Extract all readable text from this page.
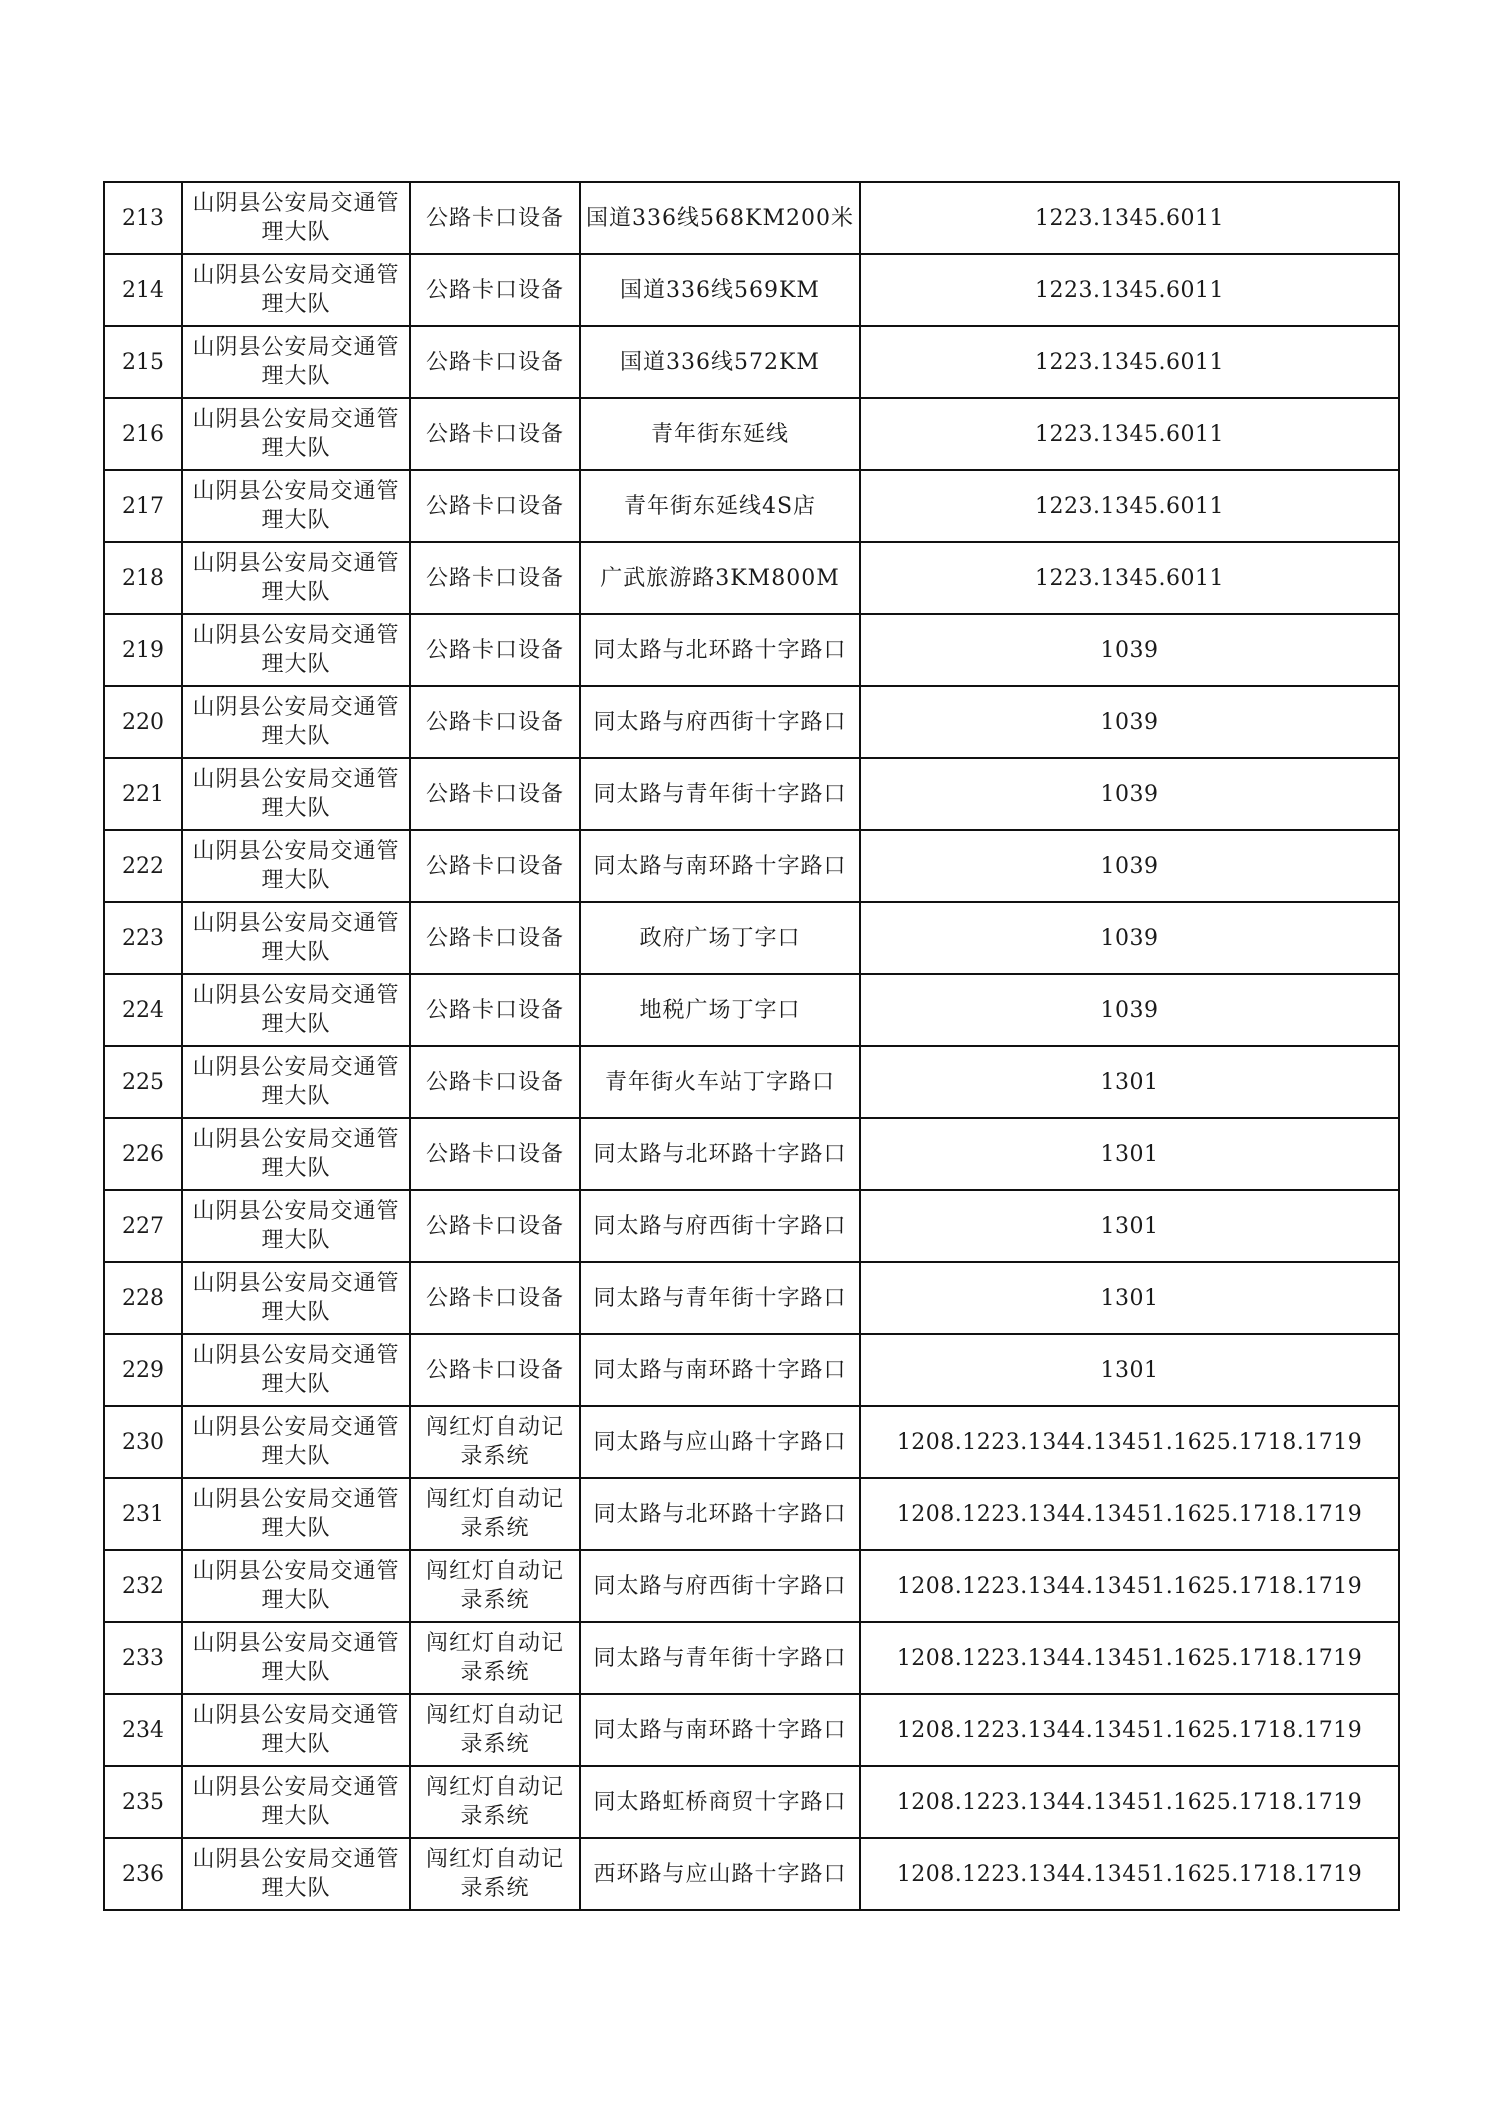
213	山阴县公安局交通管理大队	公路卡口设备	国道336线568KM200米	1223.1345.6011
214	山阴县公安局交通管理大队	公路卡口设备	国道336线569KM	1223.1345.6011
215	山阴县公安局交通管理大队	公路卡口设备	国道336线572KM	1223.1345.6011
216	山阴县公安局交通管理大队	公路卡口设备	青年街东延线	1223.1345.6011
217	山阴县公安局交通管理大队	公路卡口设备	青年街东延线4S店	1223.1345.6011
218	山阴县公安局交通管理大队	公路卡口设备	广武旅游路3KM800M	1223.1345.6011
219	山阴县公安局交通管理大队	公路卡口设备	同太路与北环路十字路口	1039
220	山阴县公安局交通管理大队	公路卡口设备	同太路与府西街十字路口	1039
221	山阴县公安局交通管理大队	公路卡口设备	同太路与青年街十字路口	1039
222	山阴县公安局交通管理大队	公路卡口设备	同太路与南环路十字路口	1039
223	山阴县公安局交通管理大队	公路卡口设备	政府广场丁字口	1039
224	山阴县公安局交通管理大队	公路卡口设备	地税广场丁字口	1039
225	山阴县公安局交通管理大队	公路卡口设备	青年街火车站丁字路口	1301
226	山阴县公安局交通管理大队	公路卡口设备	同太路与北环路十字路口	1301
227	山阴县公安局交通管理大队	公路卡口设备	同太路与府西街十字路口	1301
228	山阴县公安局交通管理大队	公路卡口设备	同太路与青年街十字路口	1301
229	山阴县公安局交通管理大队	公路卡口设备	同太路与南环路十字路口	1301
230	山阴县公安局交通管理大队	闯红灯自动记录系统	同太路与应山路十字路口	1208.1223.1344.13451.1625.1718.1719
231	山阴县公安局交通管理大队	闯红灯自动记录系统	同太路与北环路十字路口	1208.1223.1344.13451.1625.1718.1719
232	山阴县公安局交通管理大队	闯红灯自动记录系统	同太路与府西街十字路口	1208.1223.1344.13451.1625.1718.1719
233	山阴县公安局交通管理大队	闯红灯自动记录系统	同太路与青年街十字路口	1208.1223.1344.13451.1625.1718.1719
234	山阴县公安局交通管理大队	闯红灯自动记录系统	同太路与南环路十字路口	1208.1223.1344.13451.1625.1718.1719
235	山阴县公安局交通管理大队	闯红灯自动记录系统	同太路虹桥商贸十字路口	1208.1223.1344.13451.1625.1718.1719
236	山阴县公安局交通管理大队	闯红灯自动记录系统	西环路与应山路十字路口	1208.1223.1344.13451.1625.1718.1719
